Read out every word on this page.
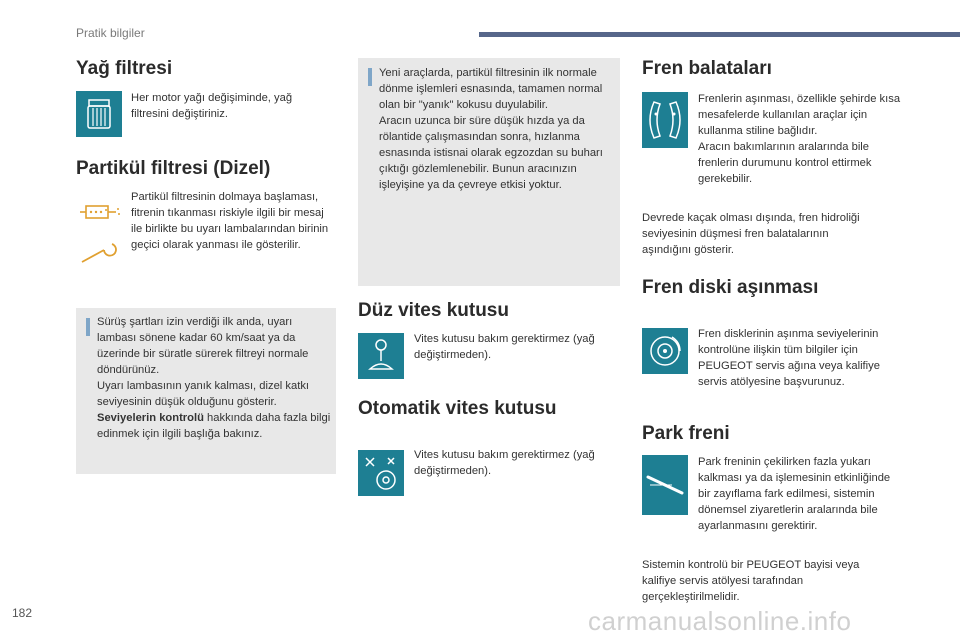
Pratik bilgiler
Yağ filtresi
Her motor yağı değişiminde, yağ filtresini değiştiriniz.
Partikül filtresi (Dizel)
Partikül filtresinin dolmaya başlaması, fitrenin tıkanması riskiyle ilgili bir mesaj ile birlikte bu uyarı lambalarından birinin geçici olarak yanması ile gösterilir.
Sürüş şartları izin verdiği ilk anda, uyarı lambası sönene kadar 60 km/saat ya da üzerinde bir süratle sürerek filtreyi normale döndürünüz.
Uyarı lambasının yanık kalması, dizel katkı seviyesinin düşük olduğunu gösterir.
Seviyelerin kontrolü hakkında daha fazla bilgi edinmek için ilgili başlığa bakınız.
Yeni araçlarda, partikül filtresinin ilk normale dönme işlemleri esnasında, tamamen normal olan bir "yanık" kokusu duyulabilir.
Aracın uzunca bir süre düşük hızda ya da rölantide çalışmasından sonra, hızlanma esnasında istisnai olarak egzozdan su buharı çıktığı gözlemlenebilir. Bunun aracınızın işleyişine ya da çevreye etkisi yoktur.
Düz vites kutusu
Vites kutusu bakım gerektirmez (yağ değiştirmeden).
Otomatik vites kutusu
Vites kutusu bakım gerektirmez (yağ değiştirmeden).
Fren balataları
Frenlerin aşınması, özellikle şehirde kısa mesafelerde kullanılan araçlar için kullanma stiline bağlıdır.
Aracın bakımlarının aralarında bile frenlerin durumunu kontrol ettirmek gerekebilir.
Devrede kaçak olması dışında, fren hidroliği seviyesinin düşmesi fren balatalarının aşındığını gösterir.
Fren diski aşınması
Fren disklerinin aşınma seviyelerinin kontrolüne ilişkin tüm bilgiler için PEUGEOT servis ağına veya kalifiye servis atölyesine başvurunuz.
Park freni
Park freninin çekilirken fazla yukarı kalkması ya da işlemesinin etkinliğinde bir zayıflama fark edilmesi, sistemin dönemsel ziyaretlerin aralarında bile ayarlanmasını gerektirir.
Sistemin kontrolü bir PEUGEOT bayisi veya kalifiye servis atölyesi tarafından gerçekleştirilmelidir.
182	carmanualsonline.info
